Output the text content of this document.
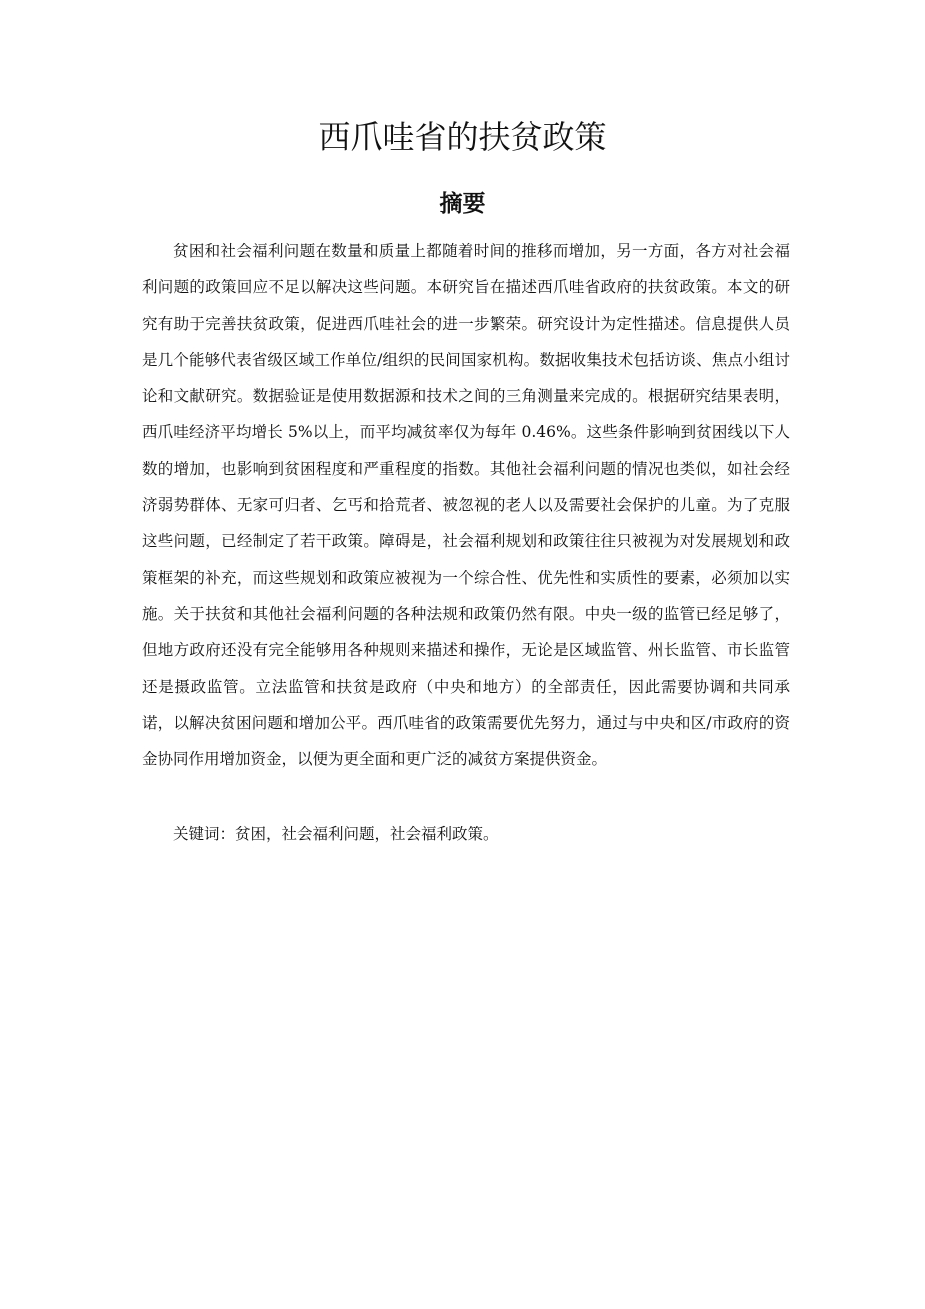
西爪哇省的扶贫政策
摘要

贫困和社会福利问题在数量和质量上都随着时间的推移而增加，另一方面，各方对社会福利问题的政策回应不足以解决这些问题。本研究旨在描述西爪哇省政府的扶贫政策。本文的研究有助于完善扶贫政策，促进西爪哇社会的进一步繁荣。研究设计为定性描述。信息提供人员是几个能够代表省级区域工作单位/组织的民间国家机构。数据收集技术包括访谈、焦点小组讨论和文献研究。数据验证是使用数据源和技术之间的三角测量来完成的。根据研究结果表明，西爪哇经济平均增长 5%以上，而平均减贫率仅为每年 0.46%。这些条件影响到贫困线以下人数的增加，也影响到贫困程度和严重程度的指数。其他社会福利问题的情况也类似，如社会经济弱势群体、无家可归者、乞丐和拾荒者、被忽视的老人以及需要社会保护的儿童。为了克服这些问题，已经制定了若干政策。障碍是，社会福利规划和政策往往只被视为对发展规划和政策框架的补充，而这些规划和政策应被视为一个综合性、优先性和实质性的要素，必须加以实施。关于扶贫和其他社会福利问题的各种法规和政策仍然有限。中央一级的监管已经足够了，但地方政府还没有完全能够用各种规则来描述和操作，无论是区域监管、州长监管、市长监管还是摄政监管。立法监管和扶贫是政府（中央和地方）的全部责任，因此需要协调和共同承诺，以解决贫困问题和增加公平。西爪哇省的政策需要优先努力，通过与中央和区/市政府的资金协同作用增加资金，以便为更全面和更广泛的减贫方案提供资金。

关键词：贫困，社会福利问题，社会福利政策。
